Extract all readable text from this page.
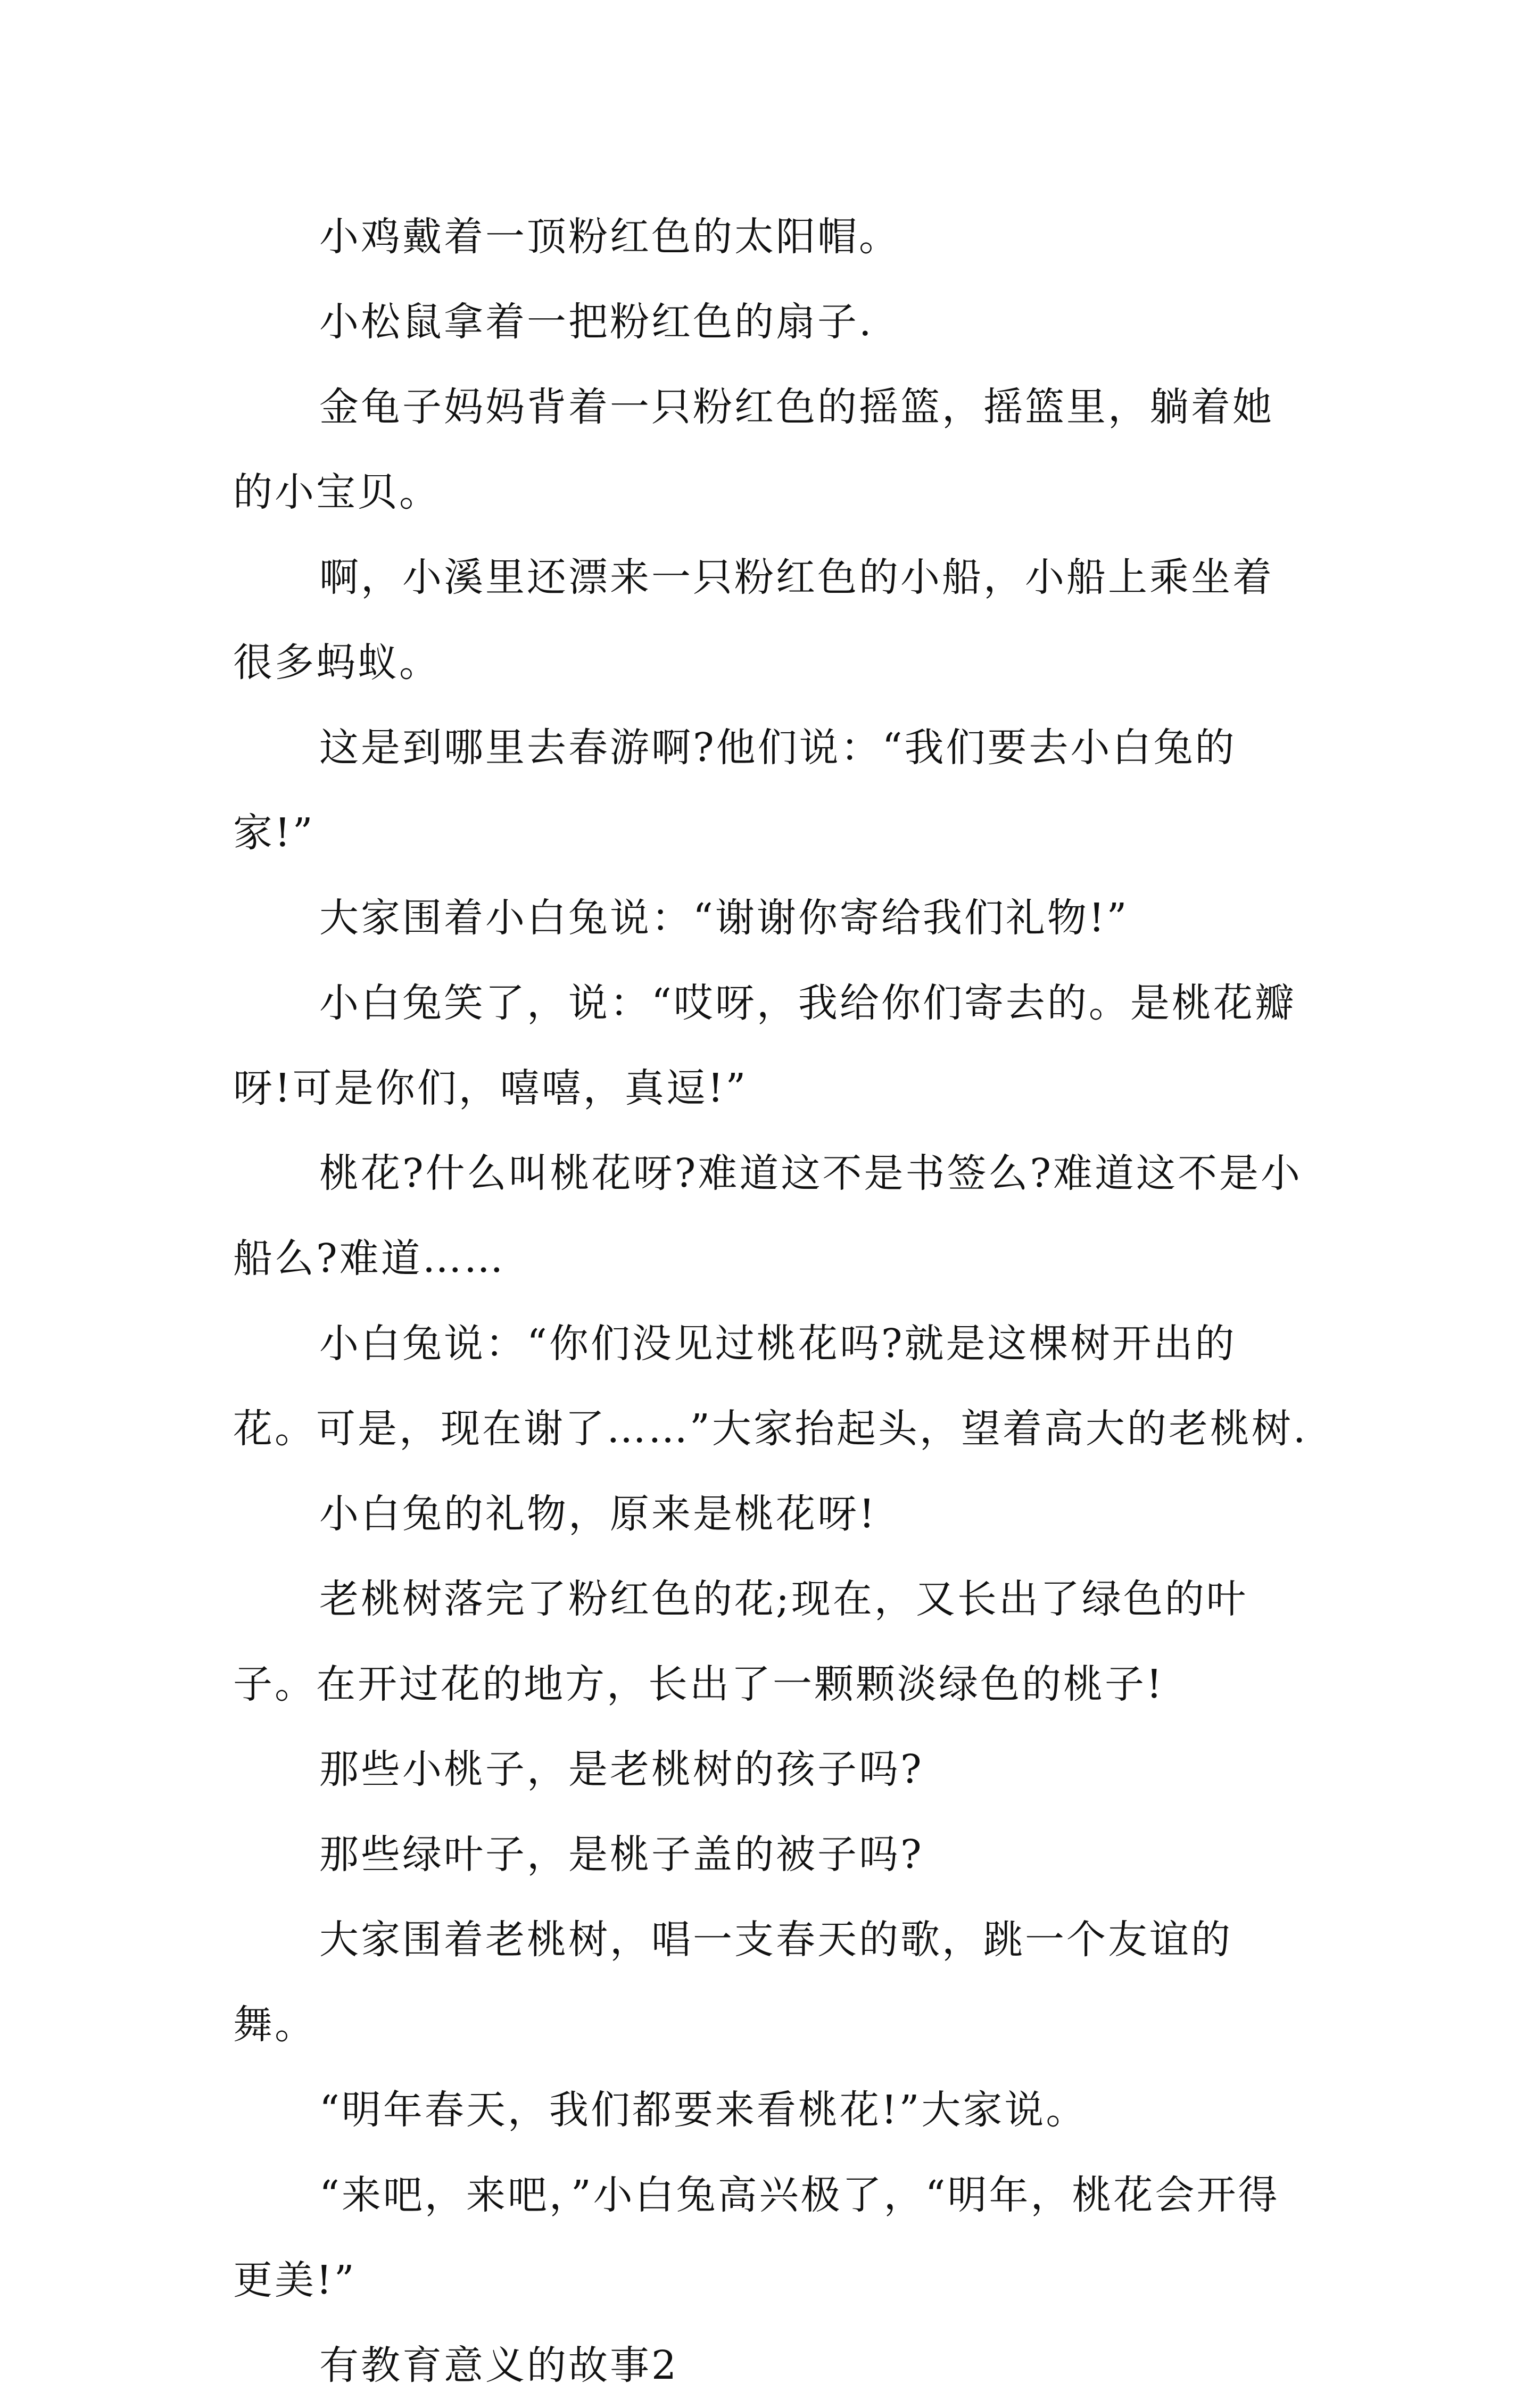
小鸡戴着一顶粉红色的太阳帽。

小松鼠拿着一把粉红色的扇子.

金龟子妈妈背着一只粉红色的摇篮，摇篮里，躺着她的小宝贝。

啊，小溪里还漂来一只粉红色的小船，小船上乘坐着很多蚂蚁。

这是到哪里去春游啊?他们说：“我们要去小白兔的家!”

大家围着小白兔说：“谢谢你寄给我们礼物!”

小白兔笑了，说：“哎呀，我给你们寄去的。是桃花瓣呀!可是你们，嘻嘻，真逗!”

桃花?什么叫桃花呀?难道这不是书签么?难道这不是小船么?难道……

小白兔说：“你们没见过桃花吗?就是这棵树开出的花。可是，现在谢了……”大家抬起头，望着高大的老桃树.

小白兔的礼物，原来是桃花呀!

老桃树落完了粉红色的花;现在，又长出了绿色的叶子。在开过花的地方，长出了一颗颗淡绿色的桃子!

那些小桃子，是老桃树的孩子吗?

那些绿叶子，是桃子盖的被子吗?

大家围着老桃树，唱一支春天的歌，跳一个友谊的舞。

“明年春天，我们都要来看桃花!”大家说。

“来吧，来吧，”小白兔高兴极了，“明年，桃花会开得更美!”

有教育意义的故事2
